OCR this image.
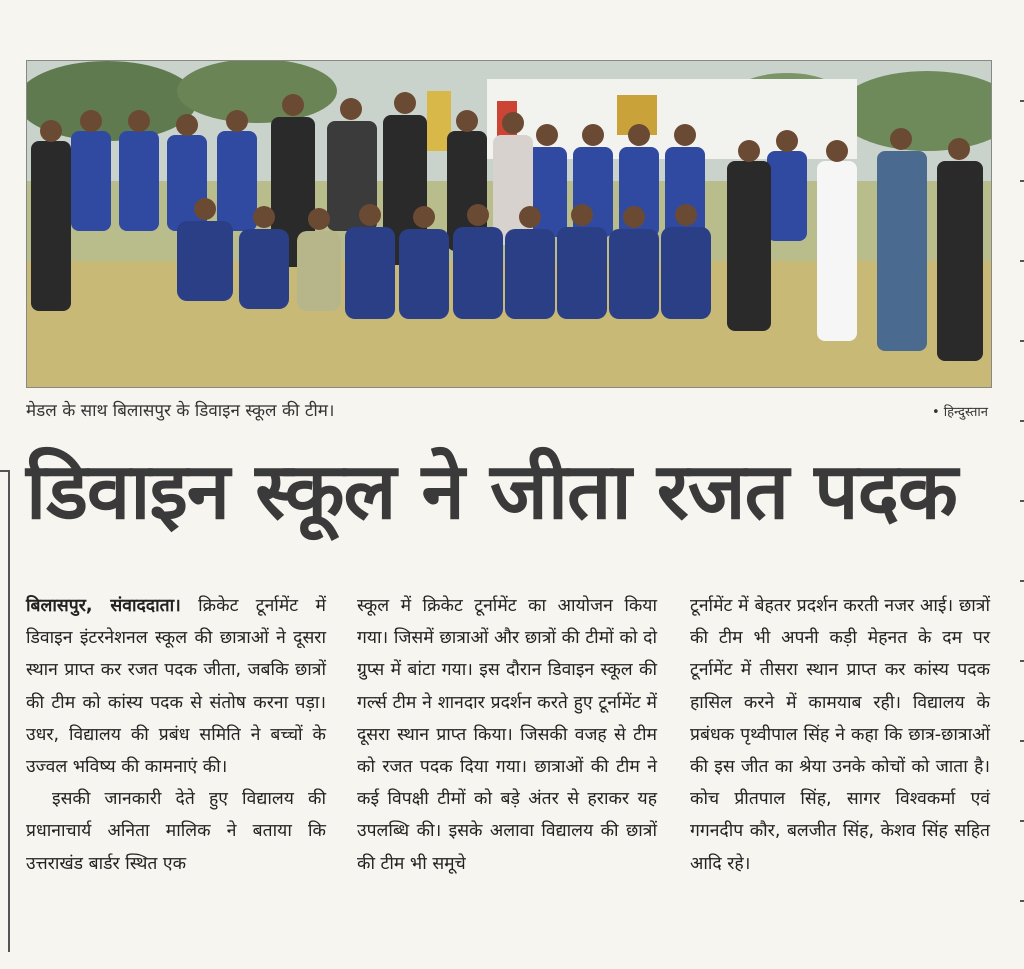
मेडल के साथ बिलासपुर के डिवाइन स्कूल की टीम।	• हिन्दुस्तान
डिवाइन स्कूल ने जीता रजत पदक

बिलासपुर, संवाददाता। क्रिकेट टूर्नामेंट में डिवाइन इंटरनेशनल स्कूल की छात्राओं ने दूसरा स्थान प्राप्त कर रजत पदक जीता, जबकि छात्रों की टीम को कांस्य पदक से संतोष करना पड़ा। उधर, विद्यालय की प्रबंध समिति ने बच्चों के उज्वल भविष्य की कामनाएं की।

इसकी जानकारी देते हुए विद्यालय की प्रधानाचार्य अनिता मालिक ने बताया कि उत्तराखंड बार्डर स्थित एक

स्कूल में क्रिकेट टूर्नामेंट का आयोजन किया गया। जिसमें छात्राओं और छात्रों की टीमों को दो ग्रुप्स में बांटा गया। इस दौरान डिवाइन स्कूल की गर्ल्स टीम ने शानदार प्रदर्शन करते हुए टूर्नामेंट में दूसरा स्थान प्राप्त किया। जिसकी वजह से टीम को रजत पदक दिया गया। छात्राओं की टीम ने कई विपक्षी टीमों को बड़े अंतर से हराकर यह उपलब्धि की। इसके अलावा विद्यालय की छात्रों की टीम भी समूचे

टूर्नामेंट में बेहतर प्रदर्शन करती नजर आई। छात्रों की टीम भी अपनी कड़ी मेहनत के दम पर टूर्नामेंट में तीसरा स्थान प्राप्त कर कांस्य पदक हासिल करने में कामयाब रही। विद्यालय के प्रबंधक पृथ्वीपाल सिंह ने कहा कि छात्र-छात्राओं की इस जीत का श्रेया उनके कोचों को जाता है। कोच प्रीतपाल सिंह, सागर विश्वकर्मा एवं गगनदीप कौर, बलजीत सिंह, केशव सिंह सहित आदि रहे।
